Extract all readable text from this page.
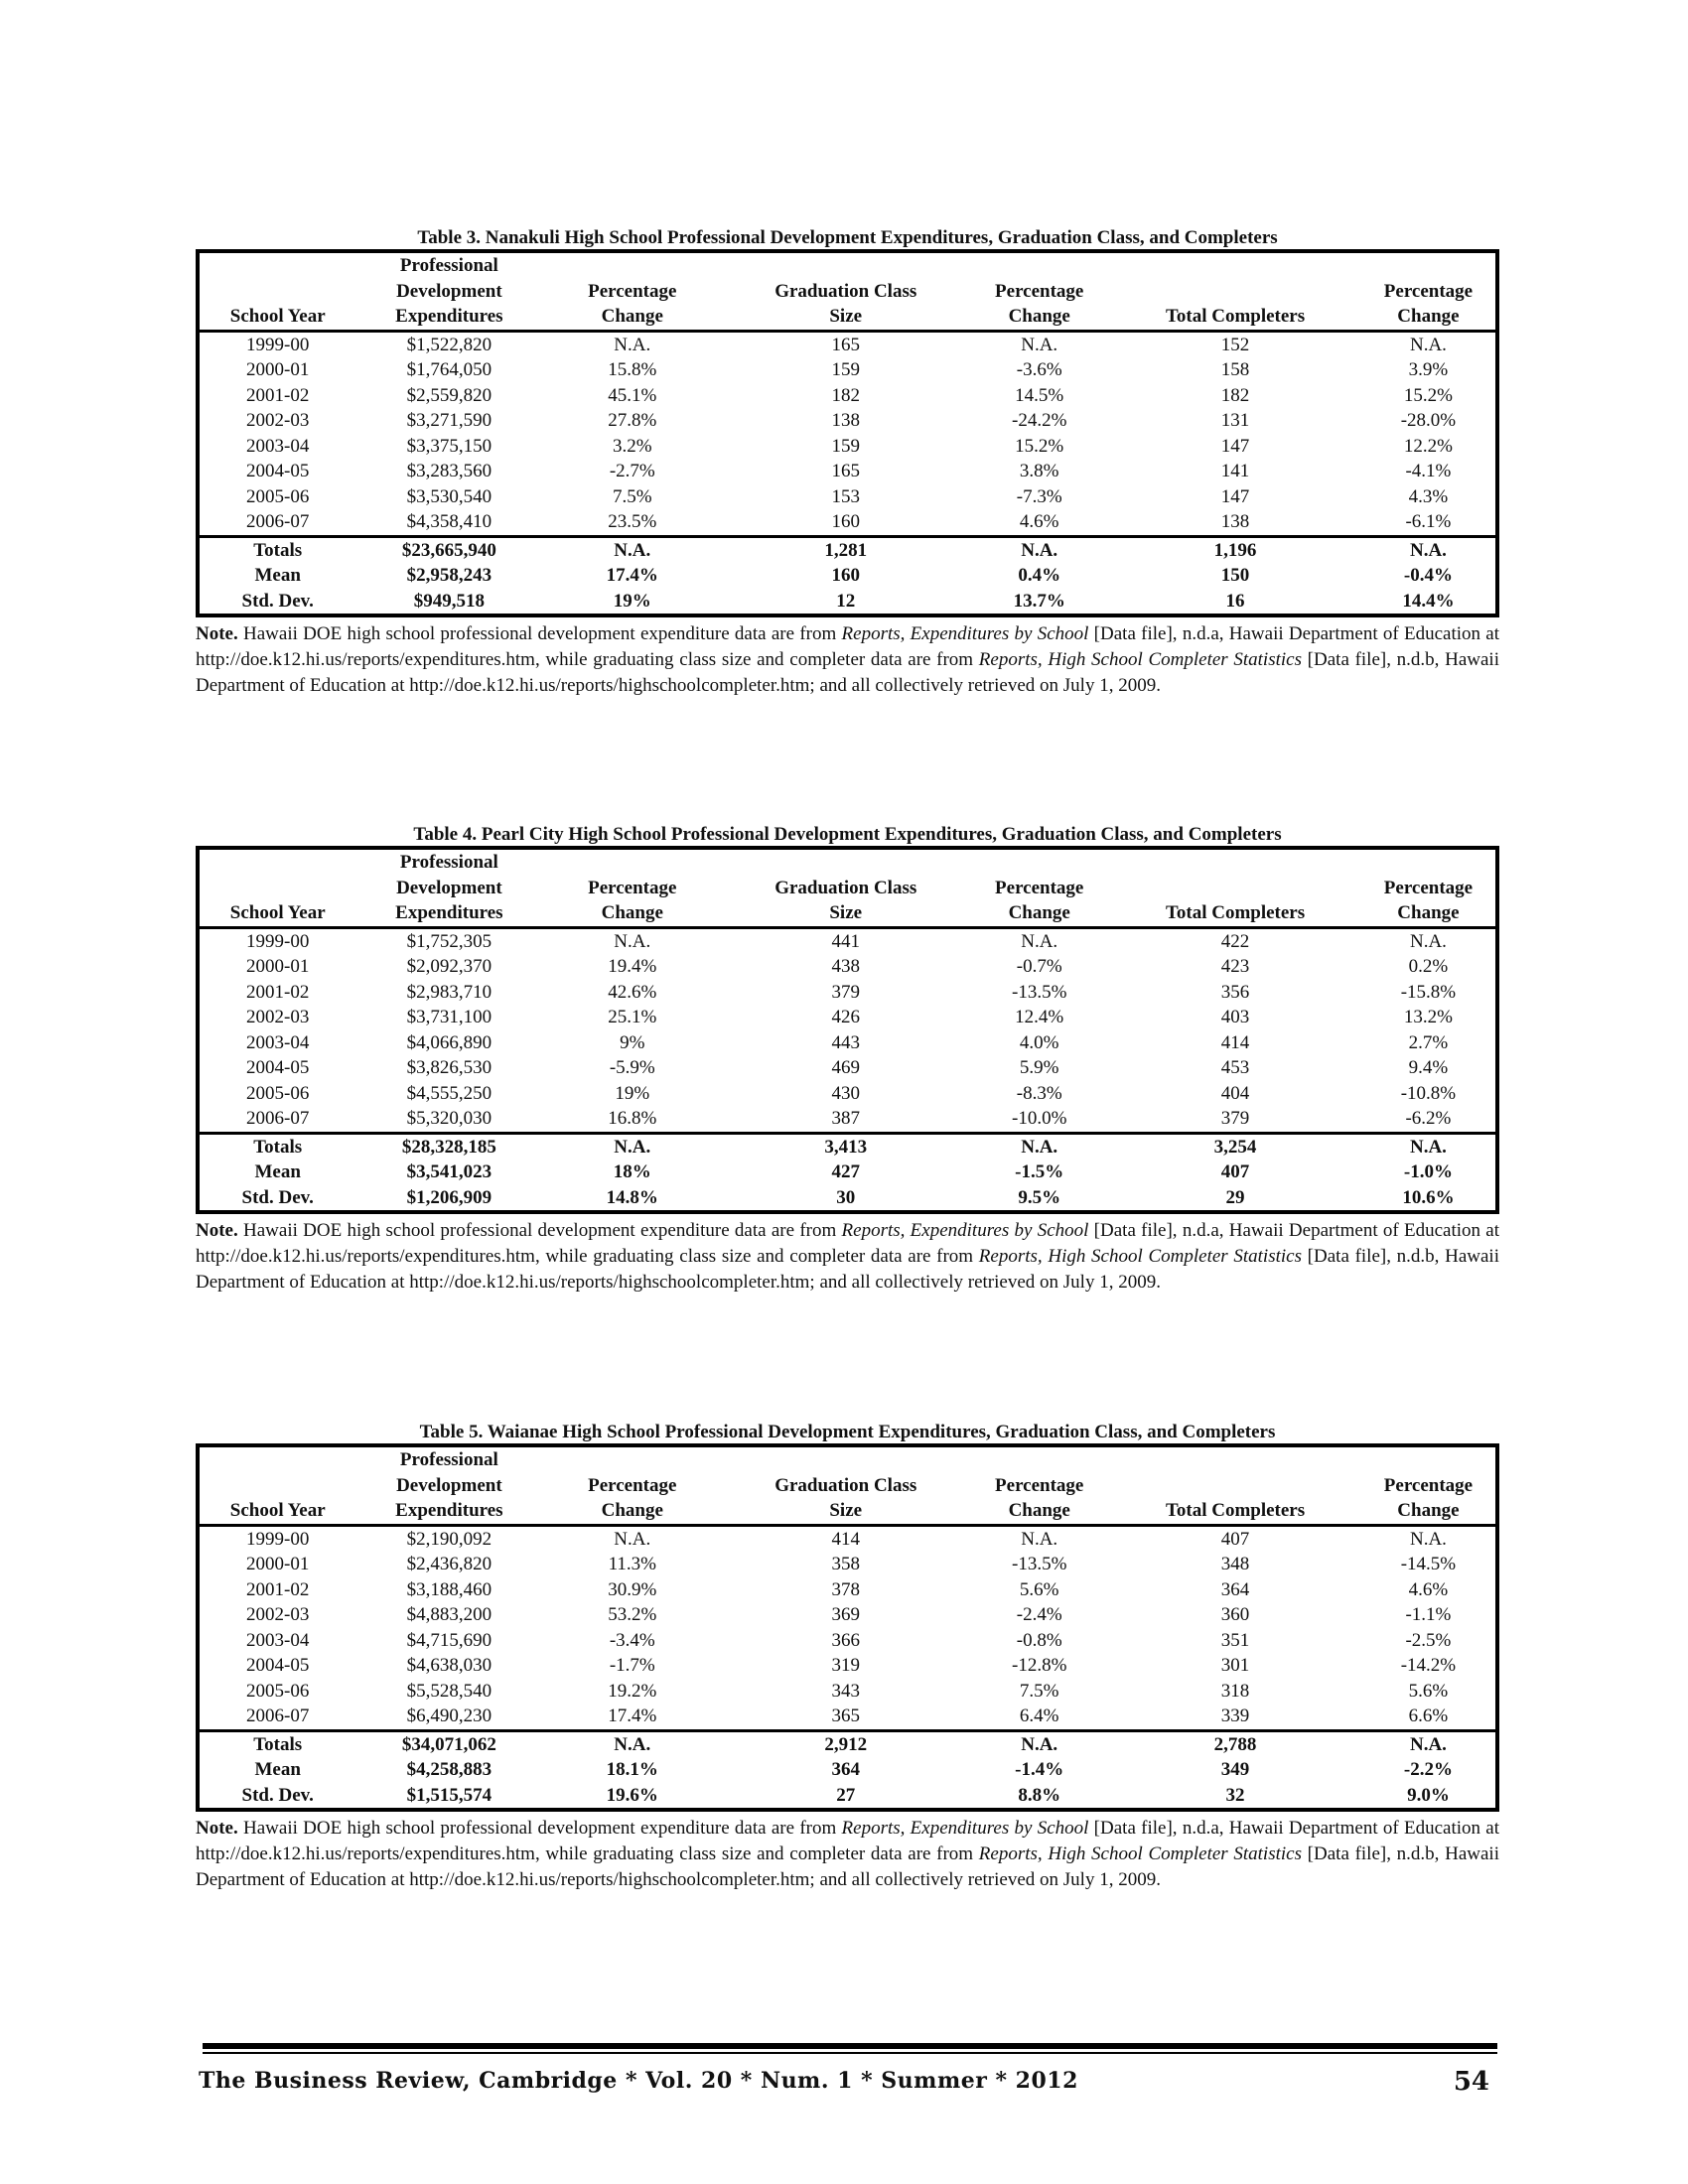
Table 3. Nanakuli High School Professional Development Expenditures, Graduation Class, and Completers
	Professional					
	Development	Percentage	Graduation Class	Percentage		Percentage
School Year	Expenditures	Change	Size	Change	Total Completers	Change
1999-00	$1,522,820	N.A.	165	N.A.	152	N.A.
2000-01	$1,764,050	15.8%	159	-3.6%	158	3.9%
2001-02	$2,559,820	45.1%	182	14.5%	182	15.2%
2002-03	$3,271,590	27.8%	138	-24.2%	131	-28.0%
2003-04	$3,375,150	3.2%	159	15.2%	147	12.2%
2004-05	$3,283,560	-2.7%	165	3.8%	141	-4.1%
2005-06	$3,530,540	7.5%	153	-7.3%	147	4.3%
2006-07	$4,358,410	23.5%	160	4.6%	138	-6.1%
Totals	$23,665,940	N.A.	1,281	N.A.	1,196	N.A.
Mean	$2,958,243	17.4%	160	0.4%	150	-0.4%
Std. Dev.	$949,518	19%	12	13.7%	16	14.4%
Note. Hawaii DOE high school professional development expenditure data are from Reports, Expenditures by School [Data file], n.d.a, Hawaii Department of Education at http://doe.k12.hi.us/reports/expenditures.htm, while graduating class size and completer data are from Reports, High School Completer Statistics [Data file], n.d.b, Hawaii Department of Education at http://doe.k12.hi.us/reports/highschoolcompleter.htm; and all collectively retrieved on July 1, 2009.
Table 4. Pearl City High School Professional Development Expenditures, Graduation Class, and Completers
	Professional					
	Development	Percentage	Graduation Class	Percentage		Percentage
School Year	Expenditures	Change	Size	Change	Total Completers	Change
1999-00	$1,752,305	N.A.	441	N.A.	422	N.A.
2000-01	$2,092,370	19.4%	438	-0.7%	423	0.2%
2001-02	$2,983,710	42.6%	379	-13.5%	356	-15.8%
2002-03	$3,731,100	25.1%	426	12.4%	403	13.2%
2003-04	$4,066,890	9%	443	4.0%	414	2.7%
2004-05	$3,826,530	-5.9%	469	5.9%	453	9.4%
2005-06	$4,555,250	19%	430	-8.3%	404	-10.8%
2006-07	$5,320,030	16.8%	387	-10.0%	379	-6.2%
Totals	$28,328,185	N.A.	3,413	N.A.	3,254	N.A.
Mean	$3,541,023	18%	427	-1.5%	407	-1.0%
Std. Dev.	$1,206,909	14.8%	30	9.5%	29	10.6%
Note. Hawaii DOE high school professional development expenditure data are from Reports, Expenditures by School [Data file], n.d.a, Hawaii Department of Education at http://doe.k12.hi.us/reports/expenditures.htm, while graduating class size and completer data are from Reports, High School Completer Statistics [Data file], n.d.b, Hawaii Department of Education at http://doe.k12.hi.us/reports/highschoolcompleter.htm; and all collectively retrieved on July 1, 2009.
Table 5. Waianae High School Professional Development Expenditures, Graduation Class, and Completers
	Professional					
	Development	Percentage	Graduation Class	Percentage		Percentage
School Year	Expenditures	Change	Size	Change	Total Completers	Change
1999-00	$2,190,092	N.A.	414	N.A.	407	N.A.
2000-01	$2,436,820	11.3%	358	-13.5%	348	-14.5%
2001-02	$3,188,460	30.9%	378	5.6%	364	4.6%
2002-03	$4,883,200	53.2%	369	-2.4%	360	-1.1%
2003-04	$4,715,690	-3.4%	366	-0.8%	351	-2.5%
2004-05	$4,638,030	-1.7%	319	-12.8%	301	-14.2%
2005-06	$5,528,540	19.2%	343	7.5%	318	5.6%
2006-07	$6,490,230	17.4%	365	6.4%	339	6.6%
Totals	$34,071,062	N.A.	2,912	N.A.	2,788	N.A.
Mean	$4,258,883	18.1%	364	-1.4%	349	-2.2%
Std. Dev.	$1,515,574	19.6%	27	8.8%	32	9.0%
Note. Hawaii DOE high school professional development expenditure data are from Reports, Expenditures by School [Data file], n.d.a, Hawaii Department of Education at http://doe.k12.hi.us/reports/expenditures.htm, while graduating class size and completer data are from Reports, High School Completer Statistics [Data file], n.d.b, Hawaii Department of Education at http://doe.k12.hi.us/reports/highschoolcompleter.htm; and all collectively retrieved on July 1, 2009.
The Business Review, Cambridge * Vol. 20 * Num. 1 * Summer * 2012	54
